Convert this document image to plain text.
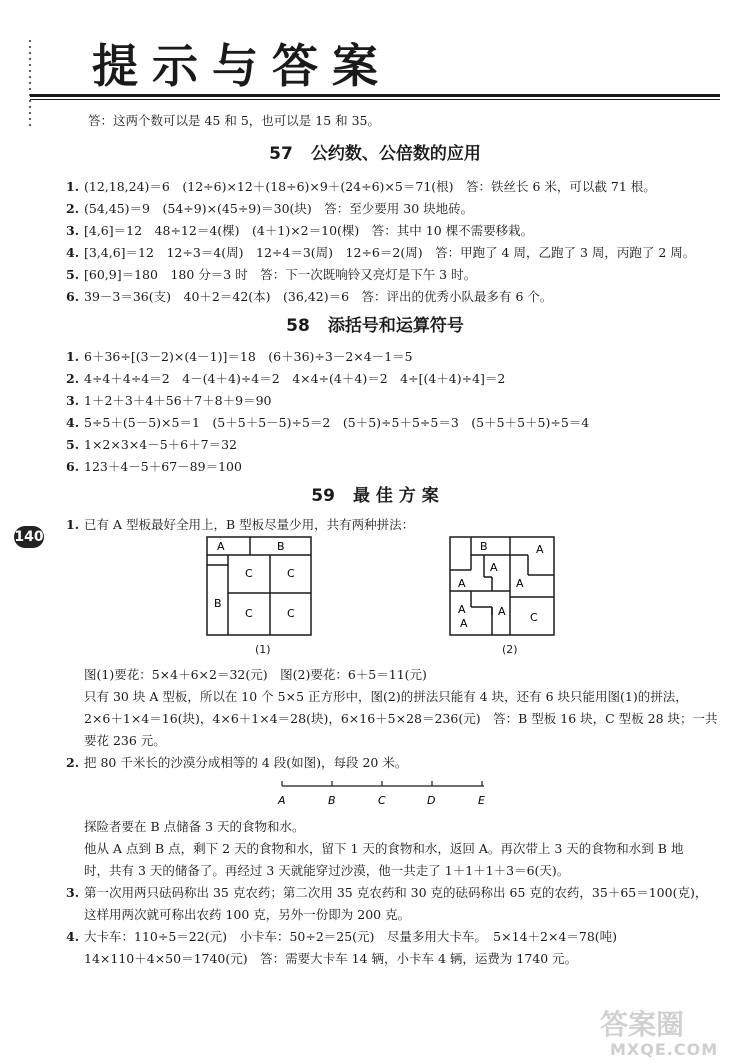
提示与答案
140
答：这两个数可以是 45 和 5，也可以是 15 和 35。
57 公约数、公倍数的应用
1. (12,18,24)＝6　(12÷6)×12＋(18÷6)×9＋(24÷6)×5＝71(根)　答：铁丝长 6 米，可以截 71 根。
2. (54,45)＝9　(54÷9)×(45÷9)＝30(块)　答：至少要用 30 块地砖。
3. [4,6]＝12　48÷12＝4(棵)　(4＋1)×2＝10(棵)　答：其中 10 棵不需要移栽。
4. [3,4,6]＝12　12÷3＝4(周)　12÷4＝3(周)　12÷6＝2(周)　答：甲跑了 4 周，乙跑了 3 周，丙跑了 2 周。
5. [60,9]＝180　180 分＝3 时　答：下一次既响铃又亮灯是下午 3 时。
6. 39－3＝36(支)　40＋2＝42(本)　(36,42)＝6　答：评出的优秀小队最多有 6 个。
58 添括号和运算符号
1. 6＋36÷[(3－2)×(4－1)]＝18　(6＋36)÷3－2×4－1＝5
2. 4÷4＋4÷4＝2　4－(4＋4)÷4＝2　4×4÷(4＋4)＝2　4÷[(4＋4)÷4]＝2
3. 1＋2＋3＋4＋56＋7＋8＋9＝90
4. 5÷5＋(5－5)×5＝1　(5＋5＋5－5)÷5＝2　(5＋5)÷5＋5÷5＝3　(5＋5＋5＋5)÷5＝4
5. 1×2×3×4－5＋6＋7＝32
6. 123＋4－5＋67－89＝100
59 最 佳 方 案
1. 已有 A 型板最好全用上，B 型板尽量少用，共有两种拼法：
A	B
B
C	C
C	C
(1)
B	A
A
A
A
A
A
A C
(2)
图(1)要花：5×4＋6×2＝32(元)　图(2)要花：6＋5＝11(元)
只有 30 块 A 型板，所以在 10 个 5×5 正方形中，图(2)的拼法只能有 4 块，还有 6 块只能用图(1)的拼法，
2×6＋1×4＝16(块)，4×6＋1×4＝28(块)，6×16＋5×28＝236(元)　答：B 型板 16 块，C 型板 28 块；一共
要花 236 元。
2. 把 80 千米长的沙漠分成相等的 4 段(如图)，每段 20 米。
A	B	C	D	E
探险者要在 B 点储备 3 天的食物和水。
他从 A 点到 B 点，剩下 2 天的食物和水，留下 1 天的食物和水，返回 A。再次带上 3 天的食物和水到 B 地
时，共有 3 天的储备了。再经过 3 天就能穿过沙漠，他一共走了 1＋1＋1＋3＝6(天)。
3. 第一次用两只砝码称出 35 克农药；第二次用 35 克农药和 30 克的砝码称出 65 克的农药，35＋65＝100(克)，
这样用两次就可称出农药 100 克，另外一份即为 200 克。
4. 大卡车：110÷5＝22(元)　小卡车：50÷2＝25(元)　尽量多用大卡车。　5×14＋2×4＝78(吨)
14×110＋4×50＝1740(元)　答：需要大卡车 14 辆，小卡车 4 辆，运费为 1740 元。
答案圈
MXQE.COM
